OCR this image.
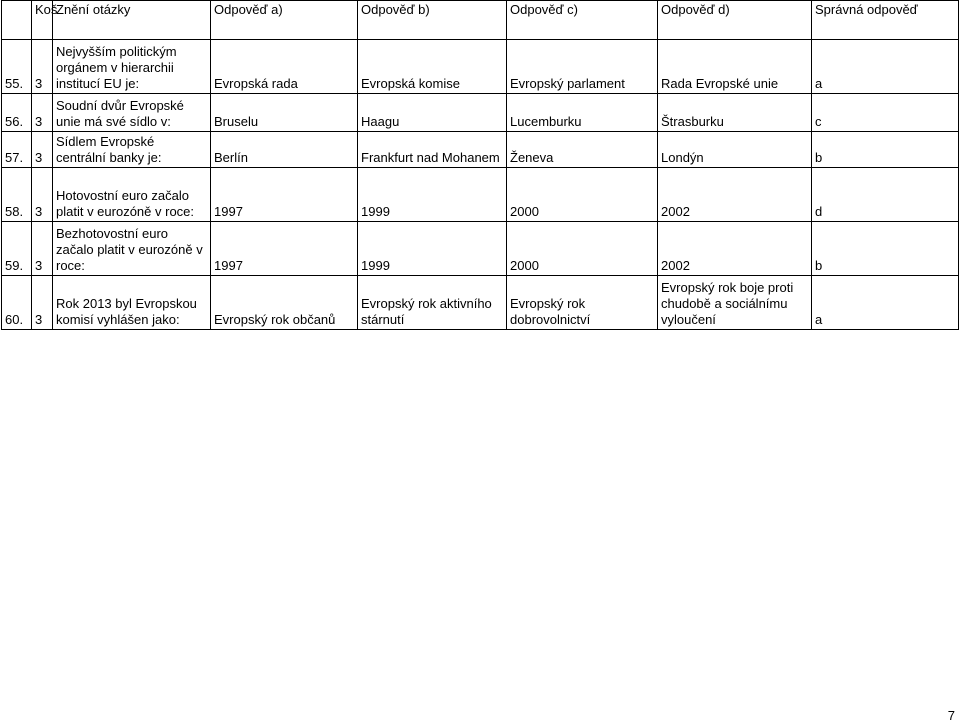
	Koš	Znění otázky	Odpověď a)	Odpověď b)	Odpověď c)	Odpověď d)	Správná odpověď
55.	3	Nejvyšším politickým orgánem v hierarchii institucí EU je:	Evropská rada	Evropská komise	Evropský parlament	Rada Evropské unie	a
56.	3	Soudní dvůr Evropské unie má své sídlo v:	Bruselu	Haagu	Lucemburku	Štrasburku	c
57.	3	Sídlem Evropské centrální banky je:	Berlín	Frankfurt nad Mohanem	Ženeva	Londýn	b
58.	3	Hotovostní euro začalo platit v eurozóně v roce:	1997	1999	2000	2002	d
59.	3	Bezhotovostní euro začalo platit v eurozóně v roce:	1997	1999	2000	2002	b
60.	3	Rok 2013 byl Evropskou komisí vyhlášen jako:	Evropský rok občanů	Evropský rok aktivního stárnutí	Evropský rok dobrovolnictví	Evropský rok boje proti chudobě a sociálnímu vyloučení	a
7
